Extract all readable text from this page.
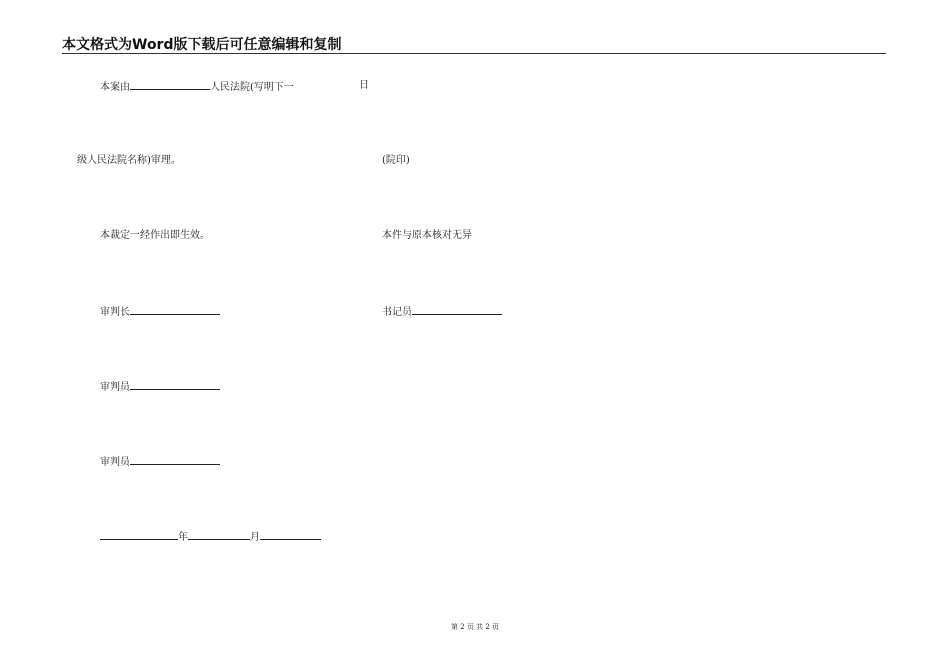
本文格式为Word版下载后可任意编辑和复制
本案由	人民法院(写明下一	日
级人民法院名称)审理。	(院印)
本裁定一经作出即生效。	本件与原本核对无异
审判长	书记员
审判员
审判员
年	月
第 2 页 共 2 页
